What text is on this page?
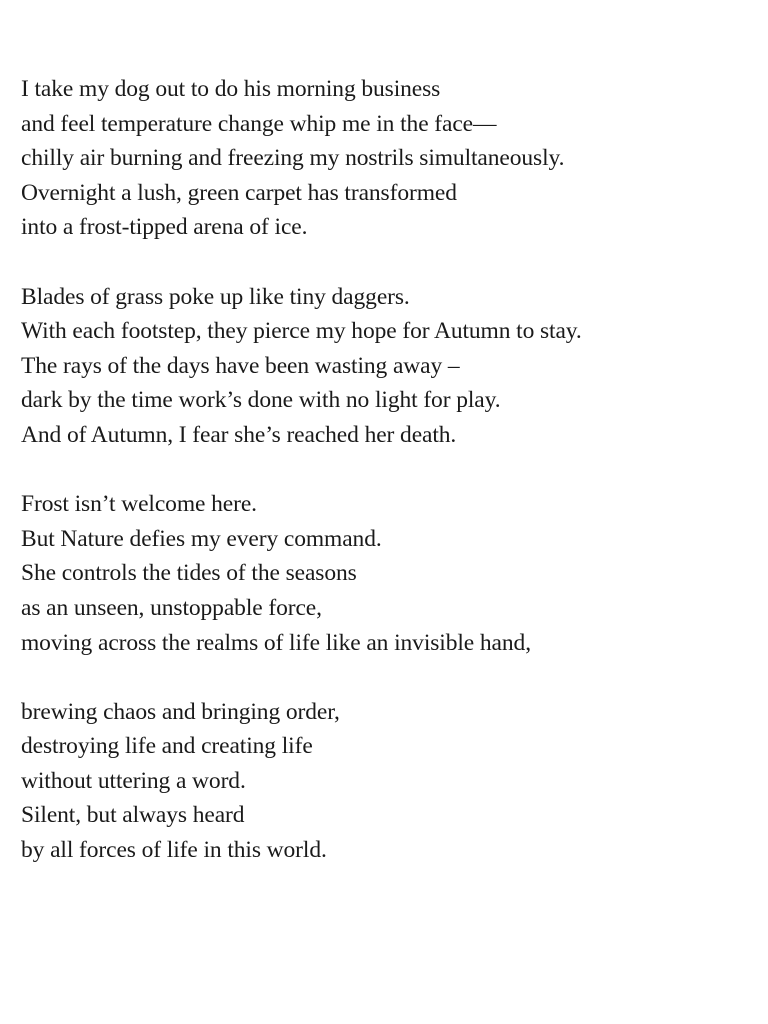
I take my dog out to do his morning business
and feel temperature change whip me in the face—
chilly air burning and freezing my nostrils simultaneously.
Overnight a lush, green carpet has transformed
into a frost-tipped arena of ice.

Blades of grass poke up like tiny daggers.
With each footstep, they pierce my hope for Autumn to stay.
The rays of the days have been wasting away –
dark by the time work’s done with no light for play.
And of Autumn, I fear she’s reached her death.

Frost isn’t welcome here.
But Nature defies my every command.
She controls the tides of the seasons
as an unseen, unstoppable force,
moving across the realms of life like an invisible hand,

brewing chaos and bringing order,
destroying life and creating life
without uttering a word.
Silent, but always heard
by all forces of life in this world.
